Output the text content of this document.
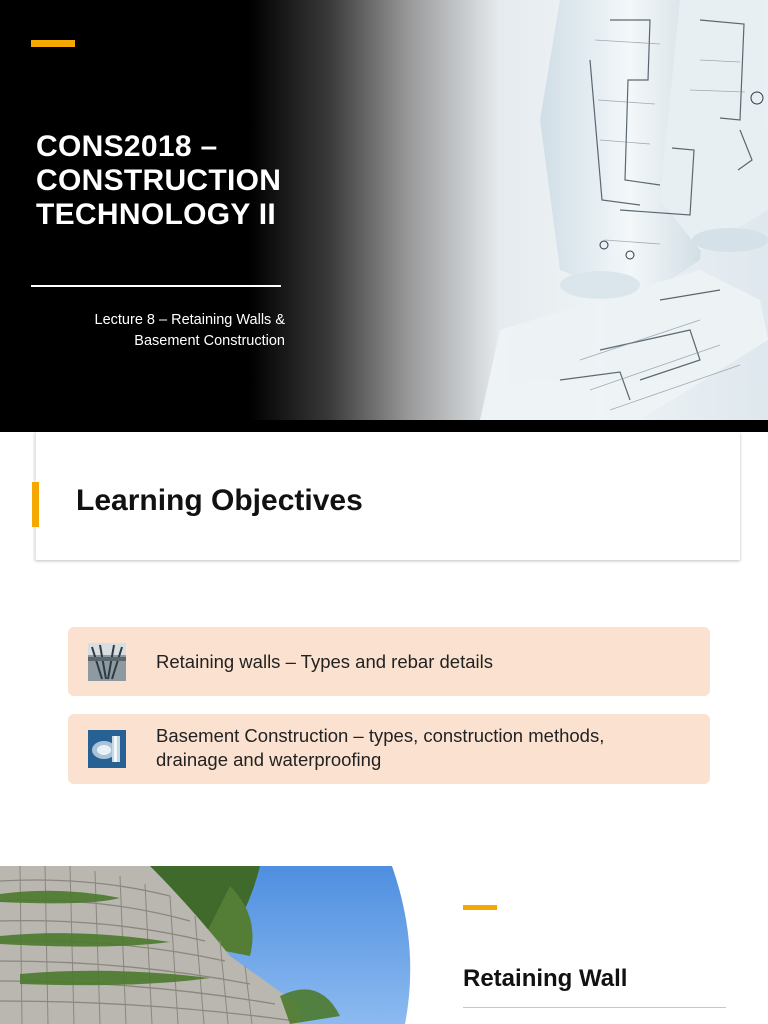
CONS2018 – CONSTRUCTION TECHNOLOGY II
Lecture 8 – Retaining Walls & Basement Construction
Learning Objectives
Retaining walls – Types and rebar details
Basement Construction – types, construction methods, drainage and waterproofing
Retaining Wall
